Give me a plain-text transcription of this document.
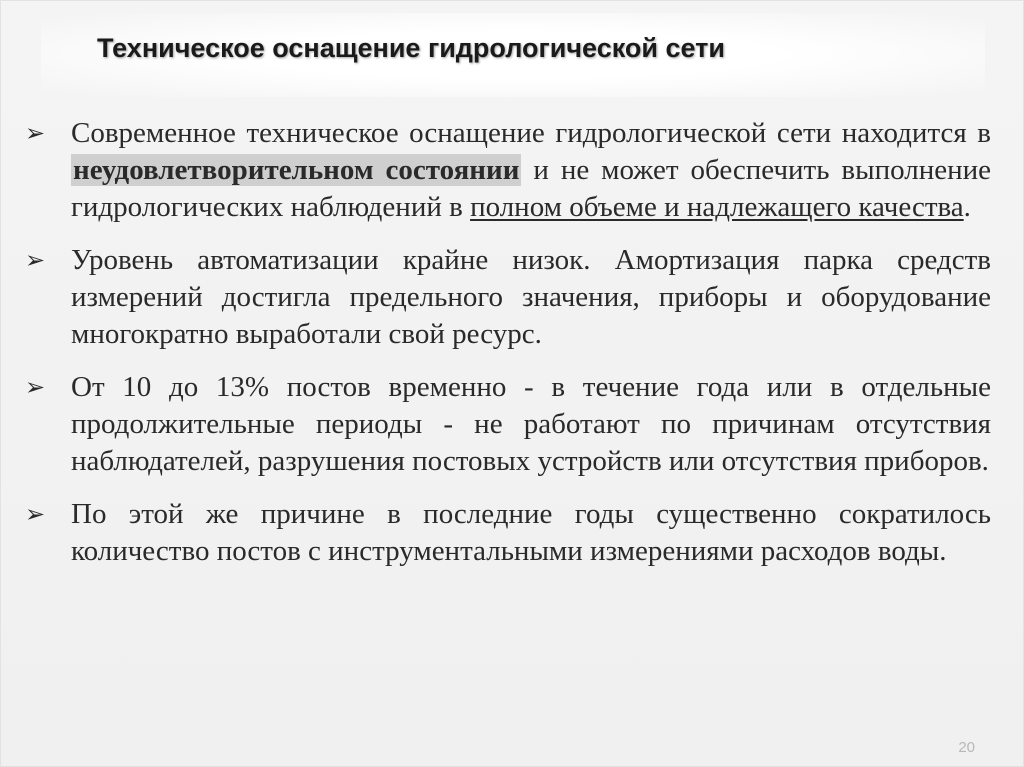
Техническое оснащение гидрологической сети
➢ Современное техническое оснащение гидрологической сети находится в неудовлетворительном состоянии и не может обеспечить выполнение гидрологических наблюдений в полном объеме и надлежащего качества.
➢ Уровень автоматизации крайне низок. Амортизация парка средств измерений достигла предельного значения, приборы и оборудование многократно выработали свой ресурс.
➢ От 10 до 13% постов временно - в течение года или в отдельные продолжительные периоды - не работают по причинам отсутствия наблюдателей, разрушения постовых устройств или отсутствия приборов.
➢ По этой же причине в последние годы существенно сократилось количество постов с инструментальными измерениями расходов воды.
20
